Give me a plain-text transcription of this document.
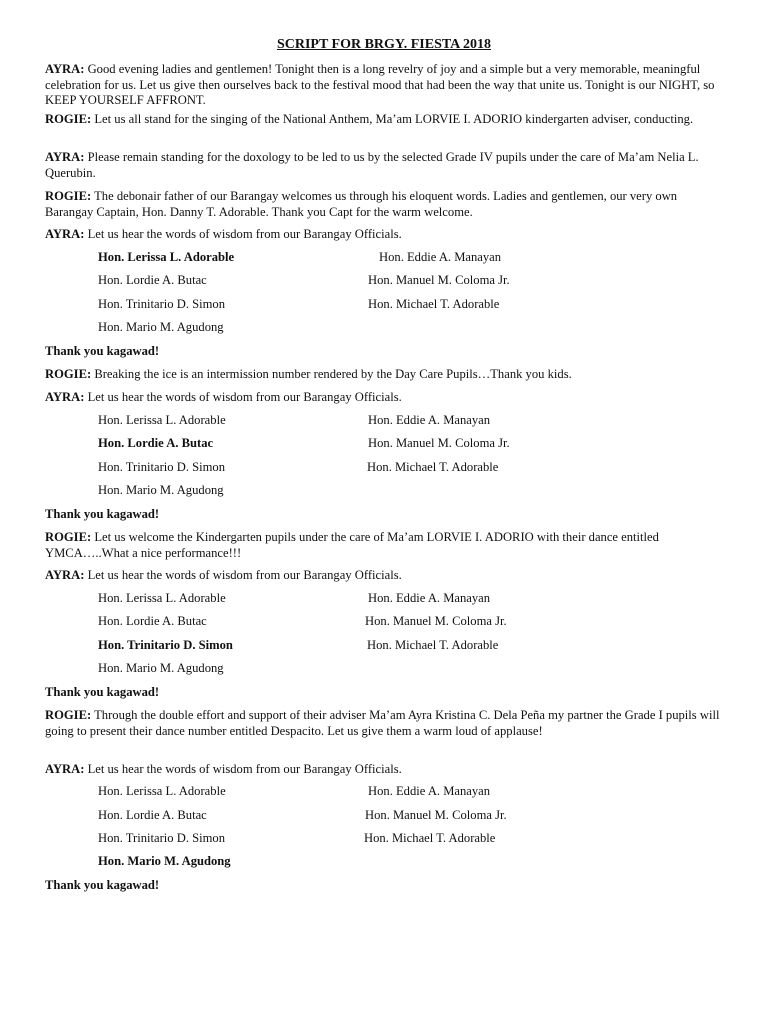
SCRIPT FOR BRGY. FIESTA 2018
AYRA: Good evening ladies and gentlemen! Tonight then is a long revelry of joy and a simple but a very memorable, meaningful celebration for us. Let us give then ourselves back to the festival mood that had been the way that unite us. Tonight is our NIGHT, so KEEP YOURSELF AFFRONT.
ROGIE: Let us all stand for the singing of the National Anthem, Ma’am LORVIE I. ADORIO kindergarten adviser, conducting.
AYRA: Please remain standing for the doxology to be led to us by the selected Grade IV pupils under the care of Ma’am Nelia L. Querubin.
ROGIE: The debonair father of our Barangay welcomes us through his eloquent words. Ladies and gentlemen, our very own Barangay Captain, Hon. Danny T. Adorable. Thank you Capt for the warm welcome.
AYRA: Let us hear the words of wisdom from our Barangay Officials.
Hon. Lerissa L. Adorable	Hon. Eddie A. Manayan
Hon. Lordie A. Butac	Hon. Manuel M. Coloma Jr.
Hon. Trinitario D. Simon	Hon. Michael T. Adorable
Hon. Mario M. Agudong
Thank you kagawad!
ROGIE: Breaking the ice is an intermission number rendered by the Day Care Pupils…Thank you kids.
AYRA: Let us hear the words of wisdom from our Barangay Officials.
Hon. Lerissa L. Adorable	Hon. Eddie A. Manayan
Hon. Lordie A. Butac	Hon. Manuel M. Coloma Jr.
Hon. Trinitario D. Simon	Hon. Michael T. Adorable
Hon. Mario M. Agudong
Thank you kagawad!
ROGIE: Let us welcome the Kindergarten pupils under the care of Ma’am LORVIE I. ADORIO with their dance entitled YMCA…..What a nice performance!!!
AYRA: Let us hear the words of wisdom from our Barangay Officials.
Hon. Lerissa L. Adorable	Hon. Eddie A. Manayan
Hon. Lordie A. Butac	Hon. Manuel M. Coloma Jr.
Hon. Trinitario D. Simon	Hon. Michael T. Adorable
Hon. Mario M. Agudong
Thank you kagawad!
ROGIE: Through the double effort and support of their adviser Ma’am Ayra Kristina C. Dela Peña my partner the Grade I pupils will going to present their dance number entitled Despacito. Let us give them a warm loud of applause!
AYRA: Let us hear the words of wisdom from our Barangay Officials.
Hon. Lerissa L. Adorable	Hon. Eddie A. Manayan
Hon. Lordie A. Butac	Hon. Manuel M. Coloma Jr.
Hon. Trinitario D. Simon	Hon. Michael T. Adorable
Hon. Mario M. Agudong
Thank you kagawad!
